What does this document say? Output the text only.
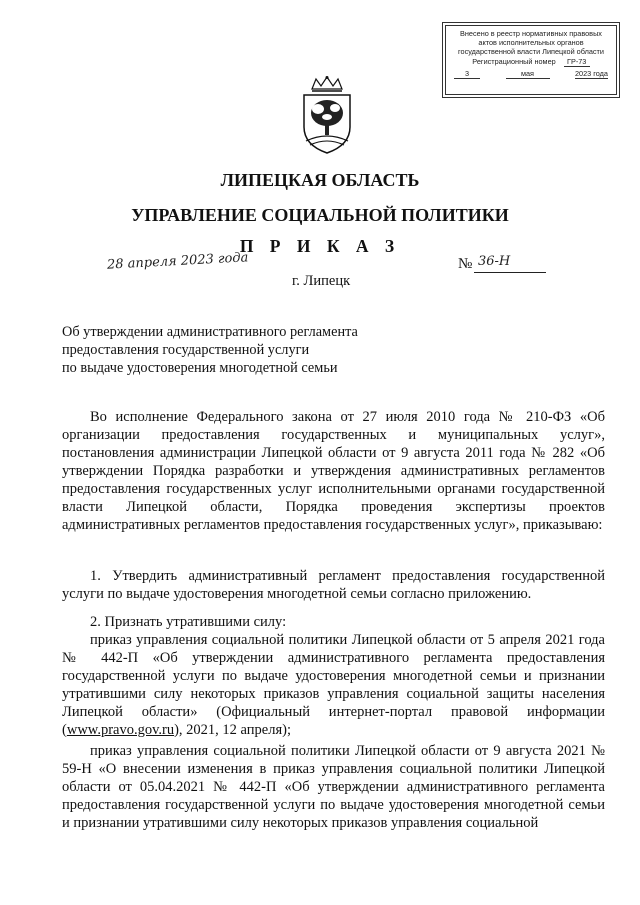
Внесено в реестр нормативных правовых
актов исполнительных органов
государственной власти Липецкой области
Регистрационный номер	ГР-73
3	мая	2023 года
ЛИПЕЦКАЯ ОБЛАСТЬ
УПРАВЛЕНИЕ СОЦИАЛЬНОЙ ПОЛИТИКИ
П Р И К А З
28 апреля 2023 года	№ 36-Н
г. Липецк
Об утверждении административного регламента
предоставления государственной услуги
по выдаче удостоверения многодетной семьи

Во исполнение Федерального закона от 27 июля 2010 года № 210-ФЗ «Об организации предоставления государственных и муниципальных услуг», постановления администрации Липецкой области от 9 августа 2011 года № 282 «Об утверждении Порядка разработки и утверждения административных регламентов предоставления государственных услуг исполнительными органами государственной власти Липецкой области, Порядка проведения экспертизы проектов административных регламентов предоставления государственных услуг», приказываю:

1. Утвердить административный регламент предоставления государственной услуги по выдаче удостоверения многодетной семьи согласно приложению.

2. Признать утратившими силу:

приказ управления социальной политики Липецкой области от 5 апреля 2021 года № 442-П «Об утверждении административного регламента предоставления государственной услуги по выдаче удостоверения многодетной семьи и признании утратившими силу некоторых приказов управления социальной защиты населения Липецкой области» (Официальный интернет-портал правовой информации (www.pravo.gov.ru), 2021, 12 апреля);

приказ управления социальной политики Липецкой области от 9 августа 2021 № 59-Н «О внесении изменения в приказ управления социальной политики Липецкой области от 05.04.2021 № 442-П «Об утверждении административного регламента предоставления государственной услуги по выдаче удостоверения многодетной семьи и признании утратившими силу некоторых приказов управления социальной
